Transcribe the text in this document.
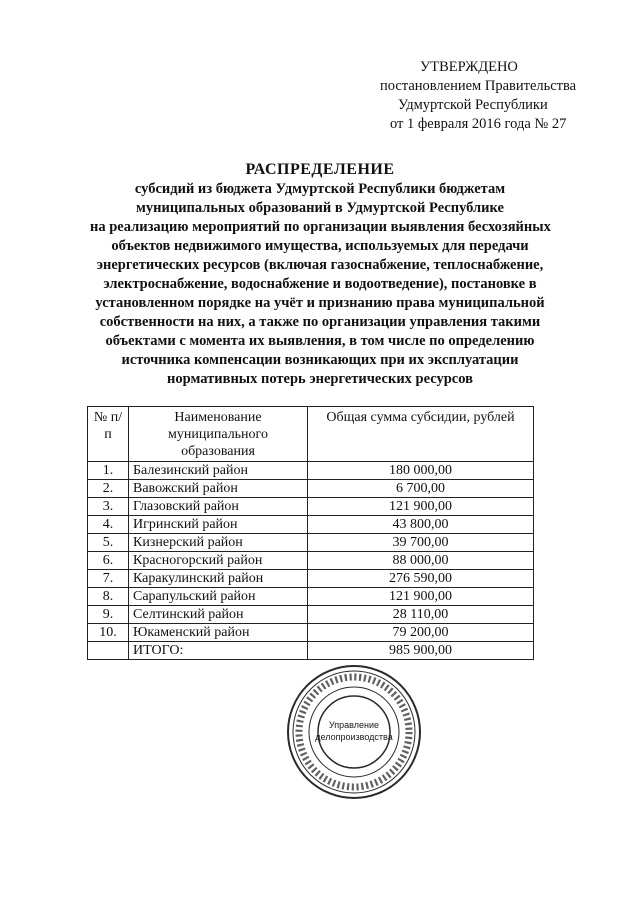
УТВЕРЖДЕНО
постановлением Правительства
Удмуртской Республики
от 1 февраля 2016 года № 27
РАСПРЕДЕЛЕНИЕ
субсидий из бюджета Удмуртской Республики бюджетам
муниципальных образований в Удмуртской Республике
на реализацию мероприятий по организации выявления бесхозяйных
объектов недвижимого имущества, используемых для передачи
энергетических ресурсов (включая газоснабжение, теплоснабжение,
электроснабжение, водоснабжение и водоотведение), постановке в
установленном порядке на учёт и признанию права муниципальной
собственности на них, а также по организации управления такими
объектами с момента их выявления, в том числе по определению
источника компенсации возникающих при их эксплуатации
нормативных потерь энергетических ресурсов
№ п/п	Наименование муниципального образования	Общая сумма субсидии, рублей
1.	Балезинский район	180 000,00
2.	Вавожский район	6 700,00
3.	Глазовский район	121 900,00
4.	Игринский район	43 800,00
5.	Кизнерский район	39 700,00
6.	Красногорский район	88 000,00
7.	Каракулинский район	276 590,00
8.	Сарапульский район	121 900,00
9.	Селтинский район	28 110,00
10.	Юкаменский район	79 200,00
	ИТОГО:	985 900,00
Управление
делопроизводства
